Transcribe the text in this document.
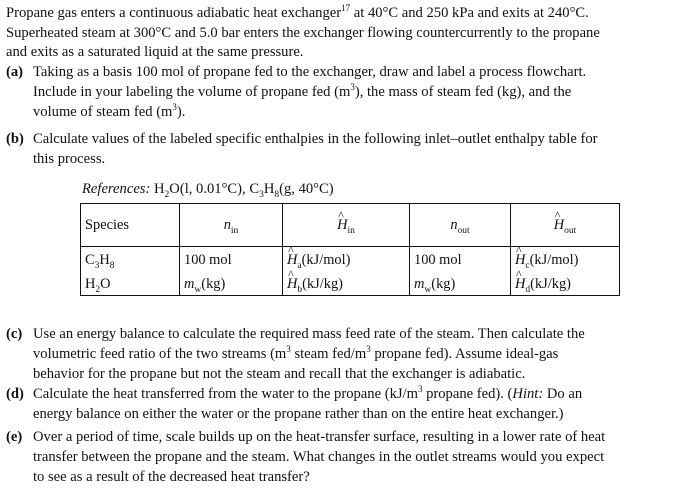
Propane gas enters a continuous adiabatic heat exchanger$^{17}$ at 40°C and 250 kPa and exits at 240°C.
Superheated steam at 300°C and 5.0 bar enters the exchanger flowing countercurrently to the propane
and exits as a saturated liquid at the same pressure.
(a) Taking as a basis 100 mol of propane fed to the exchanger, draw and label a process flowchart.
Include in your labeling the volume of propane fed $(m^3)$, the mass of steam fed (kg), and the
volume of steam fed $(m^3)$.
(b) Calculate values of the labeled specific enthalpies in the following inlet–outlet enthalpy table for
this process.
References: $H_2O(l$, 0.01°C), $C_3H_8(g$, 40°C)
Species	$n_{in}$	^ $H_{in}$	$n_{out}$	^ $H_{out}$
$C_3H_8$	100 mol	^ $H_a(kJ/mol)$	100 mol	^ $H_c(kJ/mol)$
$H_2O$	$m_w(kg)$	^ $H_b(kJ/kg)$	$m_w(kg)$	^ $H_d(kJ/kg)$
(c) Use an energy balance to calculate the required mass feed rate of the steam. Then calculate the
volumetric feed ratio of the two streams ($m^3$ steam fed/$m^3$ propane fed). Assume ideal-gas
behavior for the propane but not the steam and recall that the exchanger is adiabatic.
(d) Calculate the heat transferred from the water to the propane ($kJ/m^3$ propane fed). (Hint: Do an
energy balance on either the water or the propane rather than on the entire heat exchanger.)
(e) Over a period of time, scale builds up on the heat-transfer surface, resulting in a lower rate of heat
transfer between the propane and the steam. What changes in the outlet streams would you expect
to see as a result of the decreased heat transfer?
